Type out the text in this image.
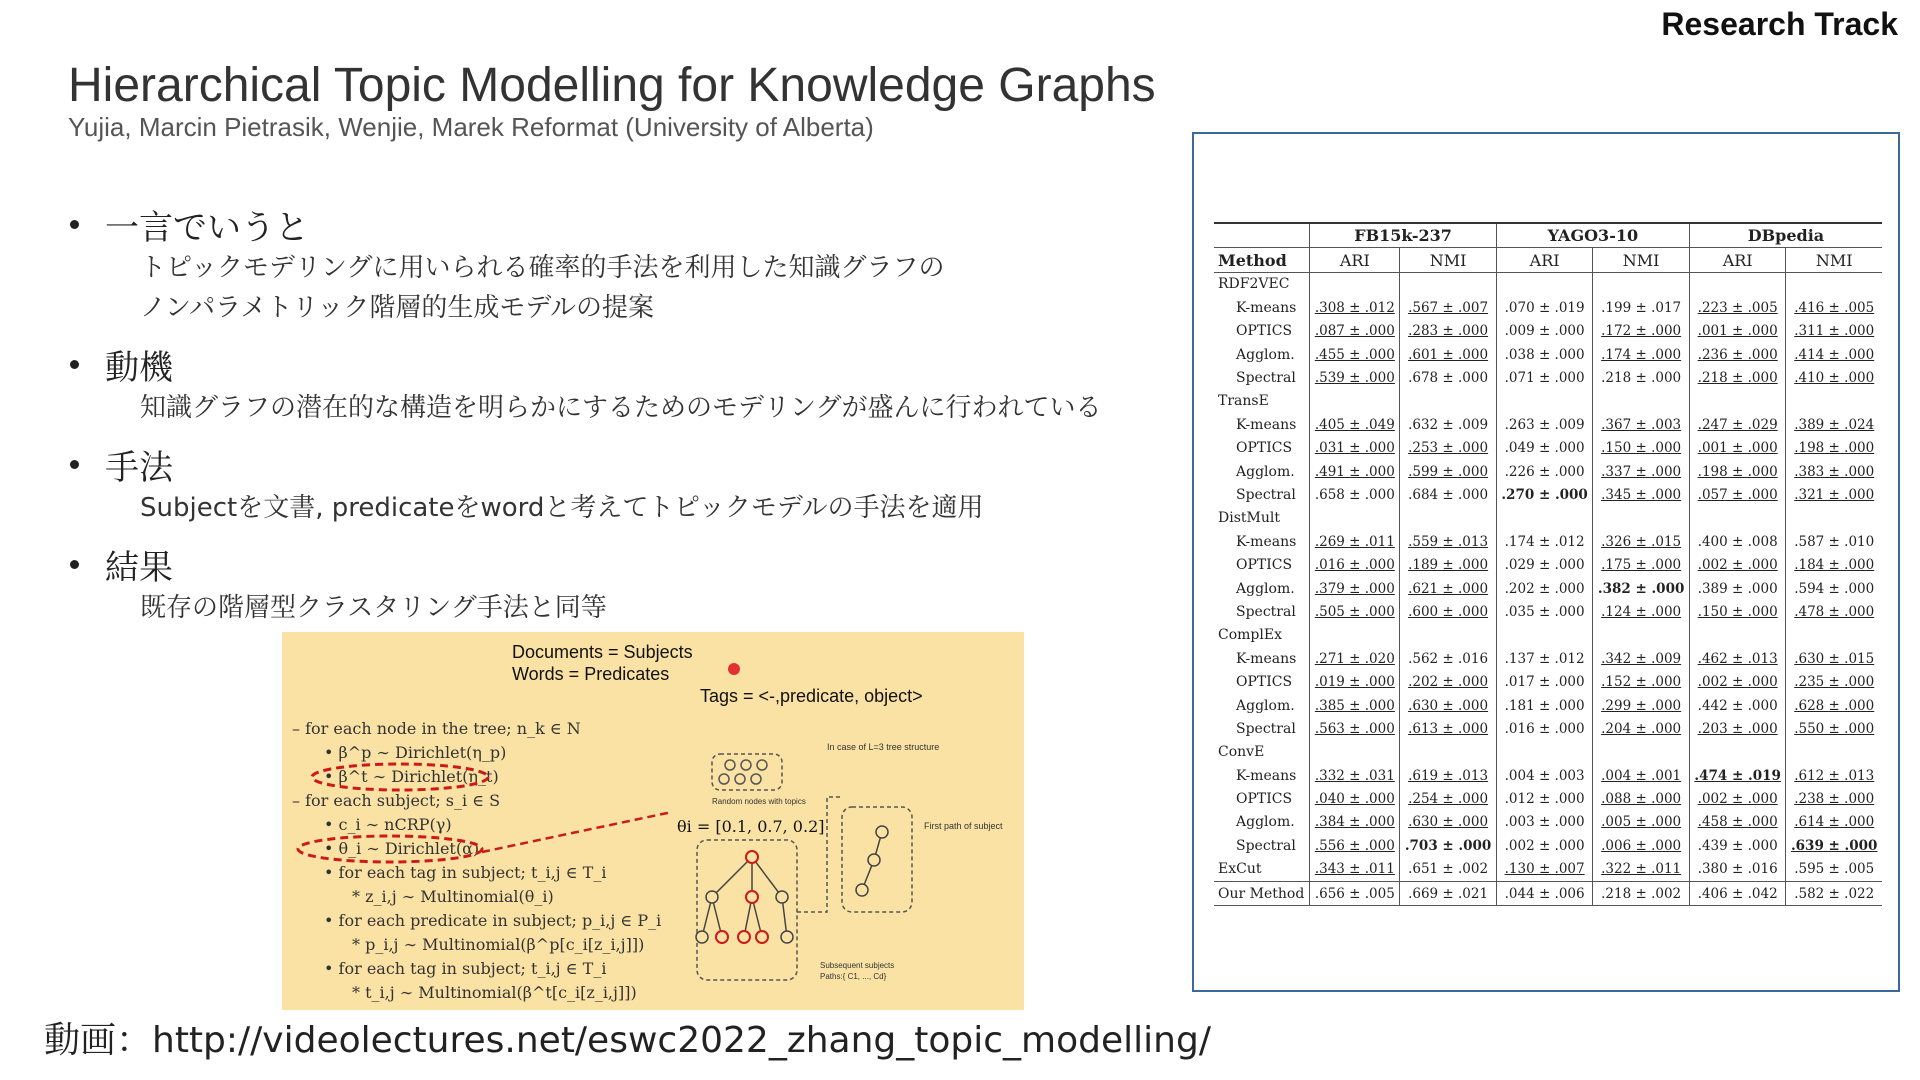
Research Track
Hierarchical Topic Modelling for Knowledge Graphs
Yujia, Marcin Pietrasik, Wenjie, Marek Reformat (University of Alberta)
一言でいうと
トピックモデリングに用いられる確率的手法を利用した知識グラフの
ノンパラメトリック階層的生成モデルの提案
動機
知識グラフの潜在的な構造を明らかにするためのモデリングが盛んに行われている
手法
Subjectを文書, predicateをwordと考えてトピックモデルの手法を適用
結果
既存の階層型クラスタリング手法と同等
Documents = Subjects
Words = Predicates
Tags = <-,predicate, object>
– for each node in the tree; n_k ∈ N
• β^p ∼ Dirichlet(η_p)
• β^t ∼ Dirichlet(η_t)
– for each subject; s_i ∈ S
• c_i ∼ nCRP(γ)
• θ_i ∼ Dirichlet(α)
• for each tag in subject; t_i,j ∈ T_i
* z_i,j ∼ Multinomial(θ_i)
• for each predicate in subject; p_i,j ∈ P_i
* p_i,j ∼ Multinomial(β^p[c_i[z_i,j]])
• for each tag in subject; t_i,j ∈ T_i
* t_i,j ∼ Multinomial(β^t[c_i[z_i,j]])
In case of L=3 tree structure
Random nodes with topics
θi = [0.1, 0.7, 0.2]	First path of subject
Subsequent subjects
Paths:{ C1, ..., Cd}
動画：http://videolectures.net/eswc2022_zhang_topic_modelling/
	FB15k-237		YAGO3-10		DBpedia	
Method	ARI	NMI	ARI	NMI	ARI	NMI
RDF2VEC						
K-means	.308 ± .012	.567 ± .007	.070 ± .019	.199 ± .017	.223 ± .005	.416 ± .005
OPTICS	.087 ± .000	.283 ± .000	.009 ± .000	.172 ± .000	.001 ± .000	.311 ± .000
Agglom.	.455 ± .000	.601 ± .000	.038 ± .000	.174 ± .000	.236 ± .000	.414 ± .000
Spectral	.539 ± .000	.678 ± .000	.071 ± .000	.218 ± .000	.218 ± .000	.410 ± .000
TransE						
K-means	.405 ± .049	.632 ± .009	.263 ± .009	.367 ± .003	.247 ± .029	.389 ± .024
OPTICS	.031 ± .000	.253 ± .000	.049 ± .000	.150 ± .000	.001 ± .000	.198 ± .000
Agglom.	.491 ± .000	.599 ± .000	.226 ± .000	.337 ± .000	.198 ± .000	.383 ± .000
Spectral	.658 ± .000	.684 ± .000	.270 ± .000	.345 ± .000	.057 ± .000	.321 ± .000
DistMult						
K-means	.269 ± .011	.559 ± .013	.174 ± .012	.326 ± .015	.400 ± .008	.587 ± .010
OPTICS	.016 ± .000	.189 ± .000	.029 ± .000	.175 ± .000	.002 ± .000	.184 ± .000
Agglom.	.379 ± .000	.621 ± .000	.202 ± .000	.382 ± .000	.389 ± .000	.594 ± .000
Spectral	.505 ± .000	.600 ± .000	.035 ± .000	.124 ± .000	.150 ± .000	.478 ± .000
ComplEx						
K-means	.271 ± .020	.562 ± .016	.137 ± .012	.342 ± .009	.462 ± .013	.630 ± .015
OPTICS	.019 ± .000	.202 ± .000	.017 ± .000	.152 ± .000	.002 ± .000	.235 ± .000
Agglom.	.385 ± .000	.630 ± .000	.181 ± .000	.299 ± .000	.442 ± .000	.628 ± .000
Spectral	.563 ± .000	.613 ± .000	.016 ± .000	.204 ± .000	.203 ± .000	.550 ± .000
ConvE						
K-means	.332 ± .031	.619 ± .013	.004 ± .003	.004 ± .001	.474 ± .019	.612 ± .013
OPTICS	.040 ± .000	.254 ± .000	.012 ± .000	.088 ± .000	.002 ± .000	.238 ± .000
Agglom.	.384 ± .000	.630 ± .000	.003 ± .000	.005 ± .000	.458 ± .000	.614 ± .000
Spectral	.556 ± .000	.703 ± .000	.002 ± .000	.006 ± .000	.439 ± .000	.639 ± .000
ExCut	.343 ± .011	.651 ± .002	.130 ± .007	.322 ± .011	.380 ± .016	.595 ± .005
Our Method	.656 ± .005	.669 ± .021	.044 ± .006	.218 ± .002	.406 ± .042	.582 ± .022
